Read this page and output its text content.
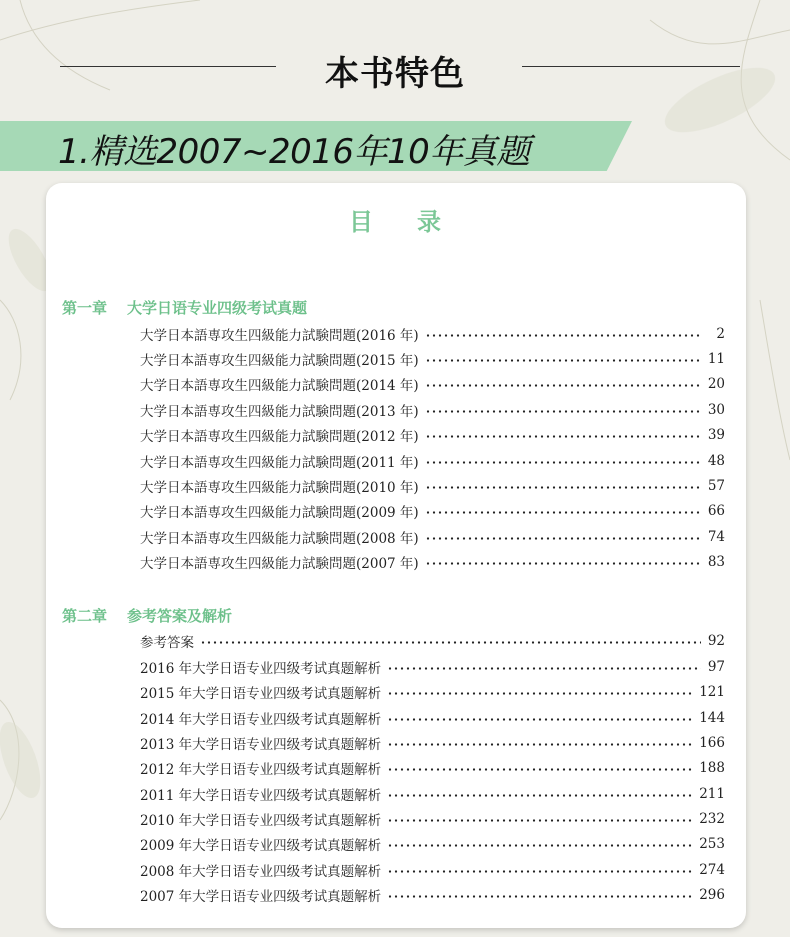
本书特色
1.精选2007~2016年10年真题
目录
第一章 大学日语专业四级考试真题
大学日本語専攻生四級能力試験問題(2016 年)	2
大学日本語専攻生四級能力試験問題(2015 年)	11
大学日本語専攻生四級能力試験問題(2014 年)	20
大学日本語専攻生四級能力試験問題(2013 年)	30
大学日本語専攻生四級能力試験問題(2012 年)	39
大学日本語専攻生四級能力試験問題(2011 年)	48
大学日本語専攻生四級能力試験問題(2010 年)	57
大学日本語専攻生四級能力試験問題(2009 年)	66
大学日本語専攻生四級能力試験問題(2008 年)	74
大学日本語専攻生四級能力試験問題(2007 年)	83
第二章 参考答案及解析
参考答案	92
2016 年大学日语专业四级考试真题解析	97
2015 年大学日语专业四级考试真题解析	121
2014 年大学日语专业四级考试真题解析	144
2013 年大学日语专业四级考试真题解析	166
2012 年大学日语专业四级考试真题解析	188
2011 年大学日语专业四级考试真题解析	211
2010 年大学日语专业四级考试真题解析	232
2009 年大学日语专业四级考试真题解析	253
2008 年大学日语专业四级考试真题解析	274
2007 年大学日语专业四级考试真题解析	296
